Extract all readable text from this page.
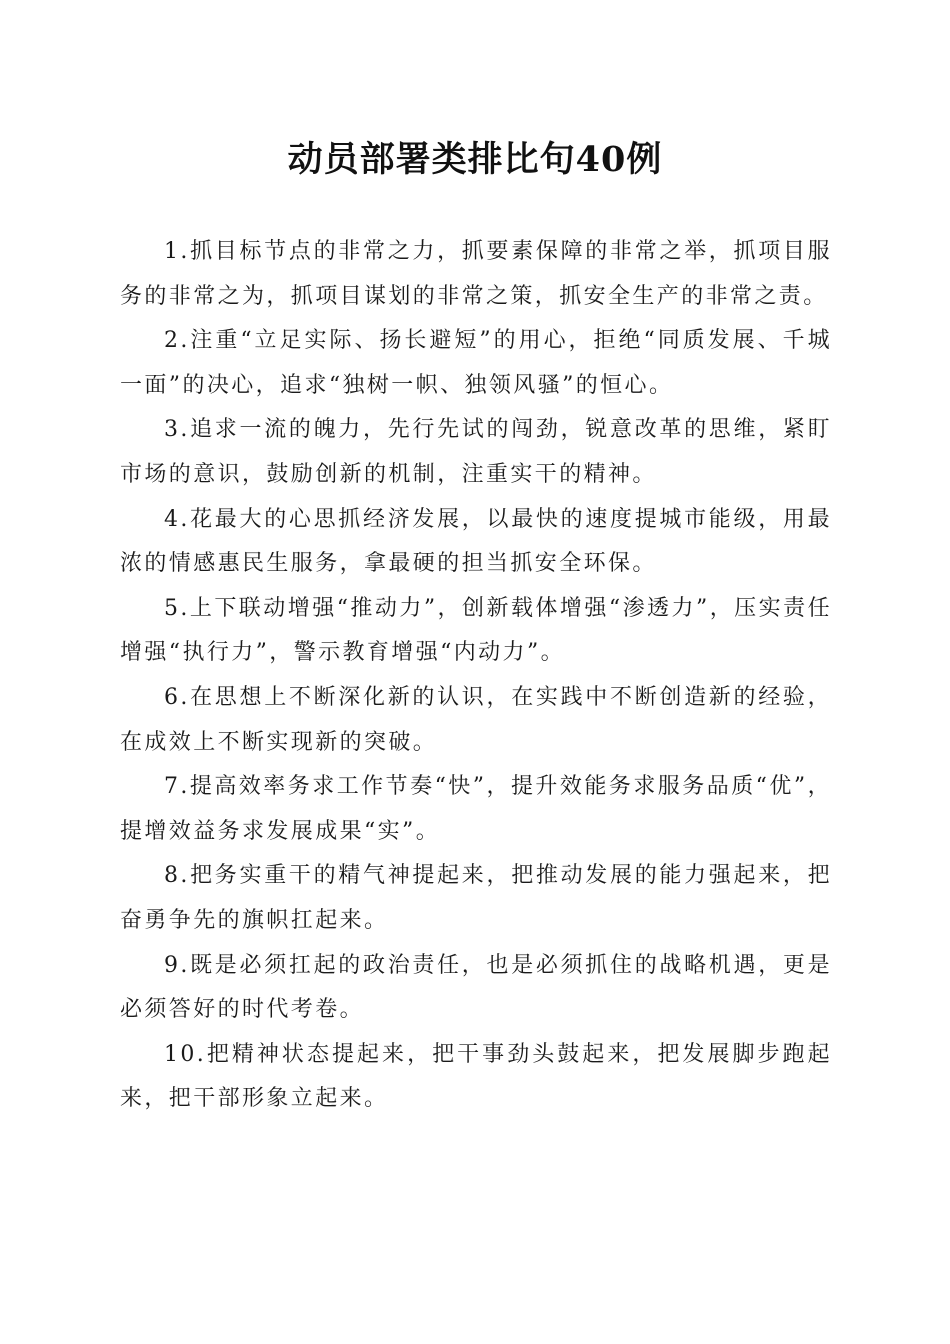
动员部署类排比句40例

1.抓目标节点的非常之力，抓要素保障的非常之举，抓项目服务的非常之为，抓项目谋划的非常之策，抓安全生产的非常之责。

2.注重“立足实际、扬长避短”的用心，拒绝“同质发展、千城一面”的决心，追求“独树一帜、独领风骚”的恒心。

3.追求一流的魄力，先行先试的闯劲，锐意改革的思维，紧盯市场的意识，鼓励创新的机制，注重实干的精神。

4.花最大的心思抓经济发展，以最快的速度提城市能级，用最浓的情感惠民生服务，拿最硬的担当抓安全环保。

5.上下联动增强“推动力”，创新载体增强“渗透力”，压实责任增强“执行力”，警示教育增强“内动力”。

6.在思想上不断深化新的认识，在实践中不断创造新的经验，在成效上不断实现新的突破。

7.提高效率务求工作节奏“快”，提升效能务求服务品质“优”，提增效益务求发展成果“实”。

8.把务实重干的精气神提起来，把推动发展的能力强起来，把奋勇争先的旗帜扛起来。

9.既是必须扛起的政治责任，也是必须抓住的战略机遇，更是必须答好的时代考卷。

10.把精神状态提起来，把干事劲头鼓起来，把发展脚步跑起来，把干部形象立起来。
